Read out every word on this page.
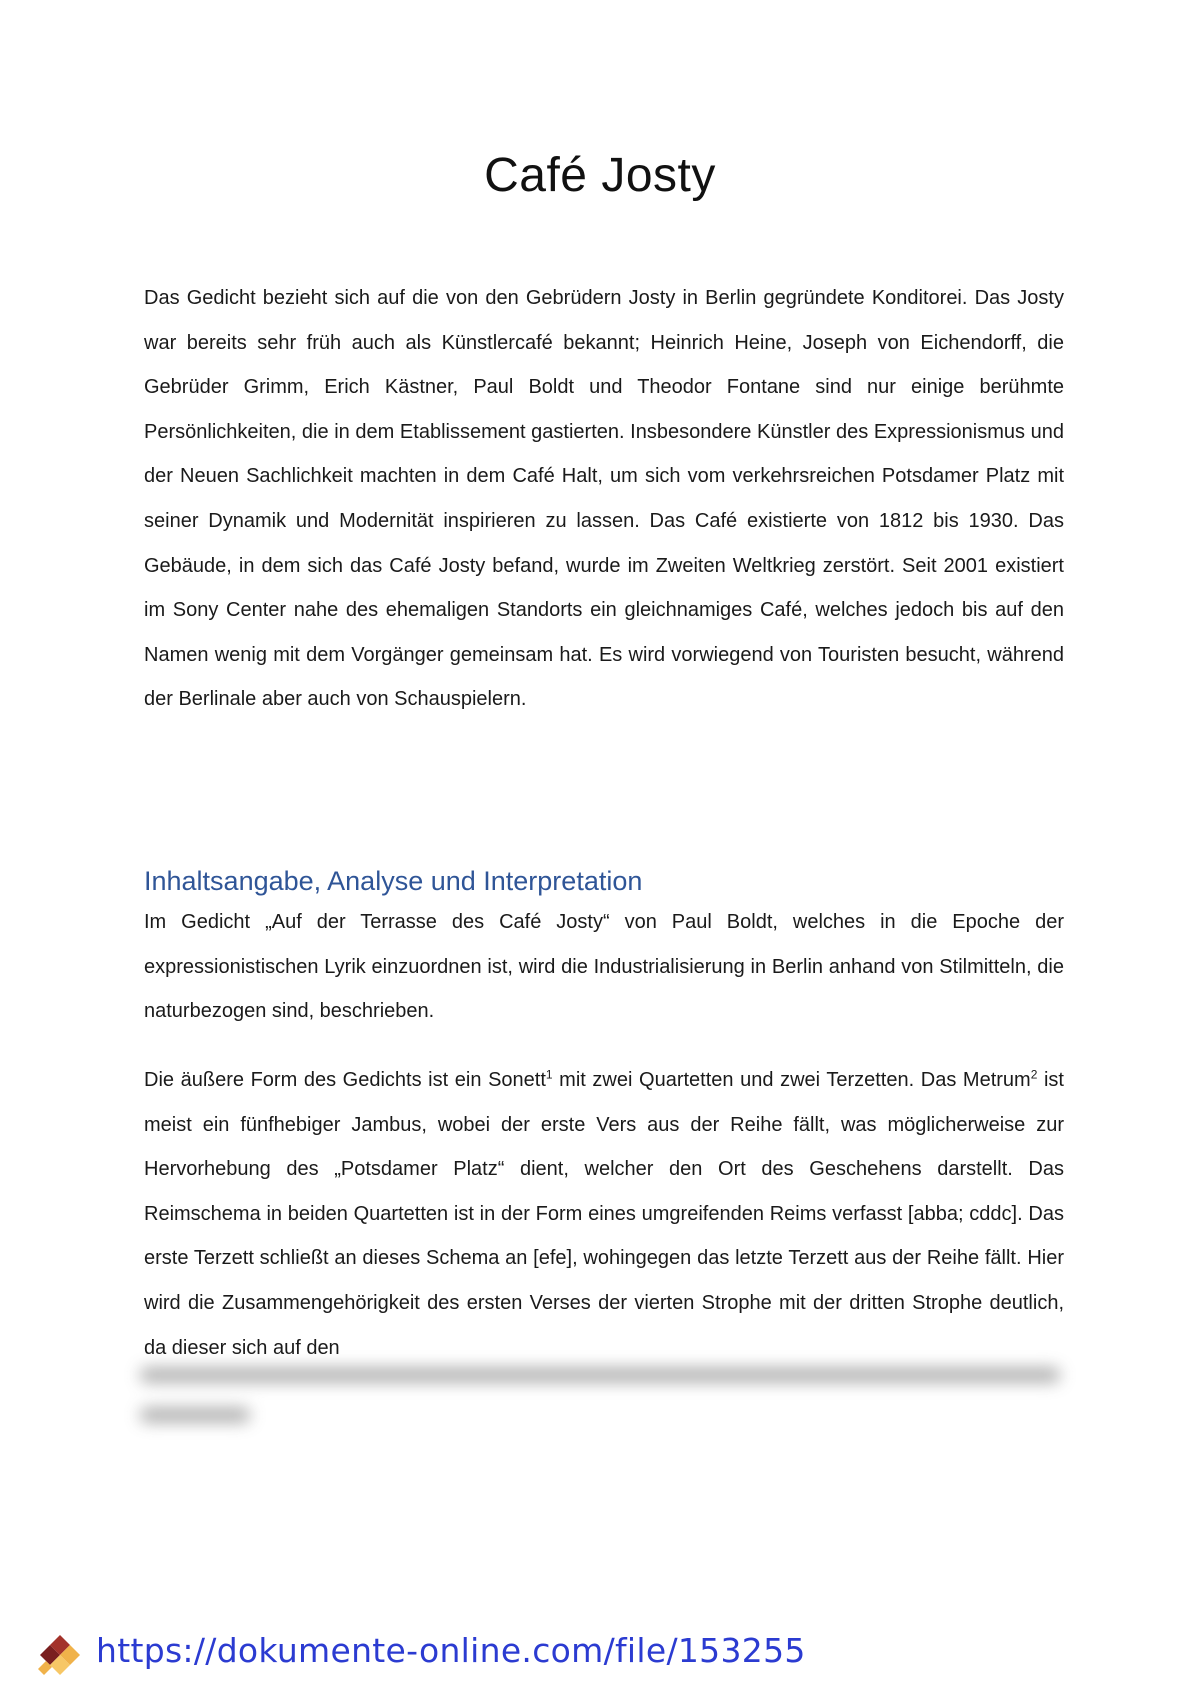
Café Josty

Das Gedicht bezieht sich auf die von den Gebrüdern Josty in Berlin gegründete Konditorei. Das Josty war bereits sehr früh auch als Künstlercafé bekannt; Heinrich Heine, Joseph von Eichendorff, die Gebrüder Grimm, Erich Kästner, Paul Boldt und Theodor Fontane sind nur einige berühmte Persönlichkeiten, die in dem Etablissement gastierten. Insbesondere Künstler des Expressionismus und der Neuen Sachlichkeit machten in dem Café Halt, um sich vom verkehrsreichen Potsdamer Platz mit seiner Dynamik und Modernität inspirieren zu lassen. Das Café existierte von 1812 bis 1930. Das Gebäude, in dem sich das Café Josty befand, wurde im Zweiten Weltkrieg zerstört. Seit 2001 existiert im Sony Center nahe des ehemaligen Standorts ein gleichnamiges Café, welches jedoch bis auf den Namen wenig mit dem Vorgänger gemeinsam hat. Es wird vorwiegend von Touristen besucht, während der Berlinale aber auch von Schauspielern.

Inhaltsangabe, Analyse und Interpretation

Im Gedicht „Auf der Terrasse des Café Josty“ von Paul Boldt, welches in die Epoche der expressionistischen Lyrik einzuordnen ist, wird die Industrialisierung in Berlin anhand von Stilmitteln, die naturbezogen sind, beschrieben.

Die äußere Form des Gedichts ist ein Sonett$^1$ mit zwei Quartetten und zwei Terzetten. Das Metrum$^2$ ist meist ein fünfhebiger Jambus, wobei der erste Vers aus der Reihe fällt, was möglicherweise zur Hervorhebung des „Potsdamer Platz“ dient, welcher den Ort des Geschehens darstellt. Das Reimschema in beiden Quartetten ist in der Form eines umgreifenden Reims verfasst [abba; cddc]. Das erste Terzett schließt an dieses Schema an [efe], wohingegen das letzte Terzett aus der Reihe fällt. Hier wird die Zusammengehörigkeit des ersten Verses der vierten Strophe mit der dritten Strophe deutlich, da dieser sich auf den

https://dokumente-online.com/file/153255
